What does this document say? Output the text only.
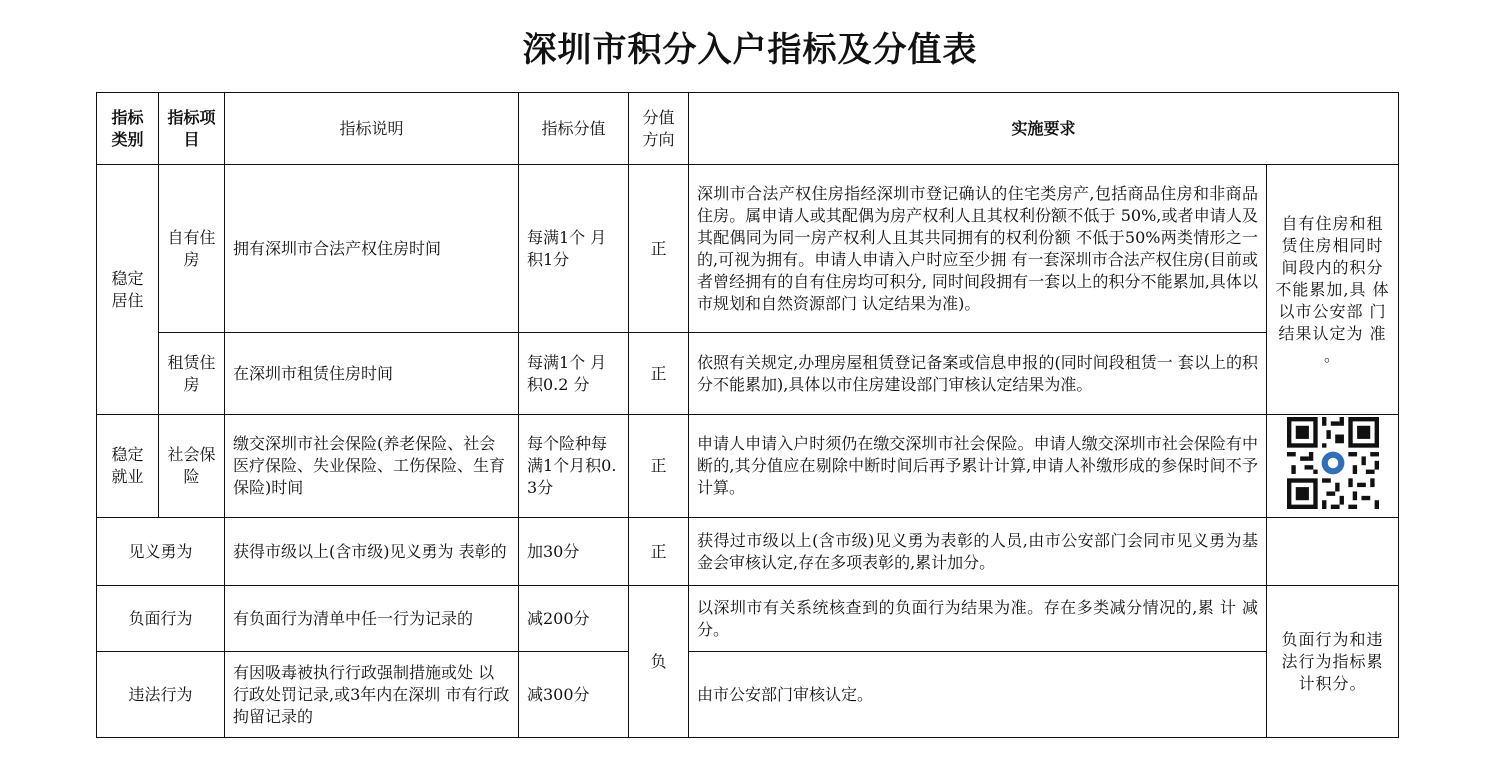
深圳市积分入户指标及分值表
指标类别	指标项目	指标说明	指标分值	分值方向	实施要求	
稳定居住	自有住房	拥有深圳市合法产权住房时间	每满1个 月 积1分	正	深圳市合法产权住房指经深圳市登记确认的住宅类房产,包括商品住房和非商品住房。属申请人或其配偶为房产权利人且其权利份额不低于 50%,或者申请人及其配偶同为同一房产权利人且其共同拥有的权利份额 不低于50%两类情形之一的,可视为拥有。申请人申请入户时应至少拥 有一套深圳市合法产权住房(目前或者曾经拥有的自有住房均可积分, 同时间段拥有一套以上的积分不能累加,具体以市规划和自然资源部门 认定结果为准)。	自有住房和租赁住房相同时 间段内的积分 不能累加,具 体以市公安部 门结果认定为 准 。
	租赁住房	在深圳市租赁住房时间	每满1个 月 积0.2 分	正	依照有关规定,办理房屋租赁登记备案或信息申报的(同时间段租赁一 套以上的积分不能累加),具体以市住房建设部门审核认定结果为准。	
稳定就业	社会保险	缴交深圳市社会保险(养老保险、社会医疗保险、失业保险、工伤保险、生育保险)时间	每个险种每满1个月积0.3分	正	申请人申请入户时须仍在缴交深圳市社会保险。申请人缴交深圳市社会保险有中断的,其分值应在剔除中断时间后再予累计计算,申请人补缴形成的参保时间不予计算。	
见义勇为		获得市级以上(含市级)见义勇为 表彰的	加30分	正	获得过市级以上(含市级)见义勇为表彰的人员,由市公安部门会同市见义勇为基金会审核认定,存在多项表彰的,累计加分。	
负面行为		有负面行为清单中任一行为记录的	减200分	负	以深圳市有关系统核查到的负面行为结果为准。存在多类减分情况的,累 计 减 分。	负面行为和违法行为指标累 计积分。
违法行为		有因吸毒被执行行政强制措施或处 以行政处罚记录,或3年内在深圳 市有行政拘留记录的	减300分		由市公安部门审核认定。	
